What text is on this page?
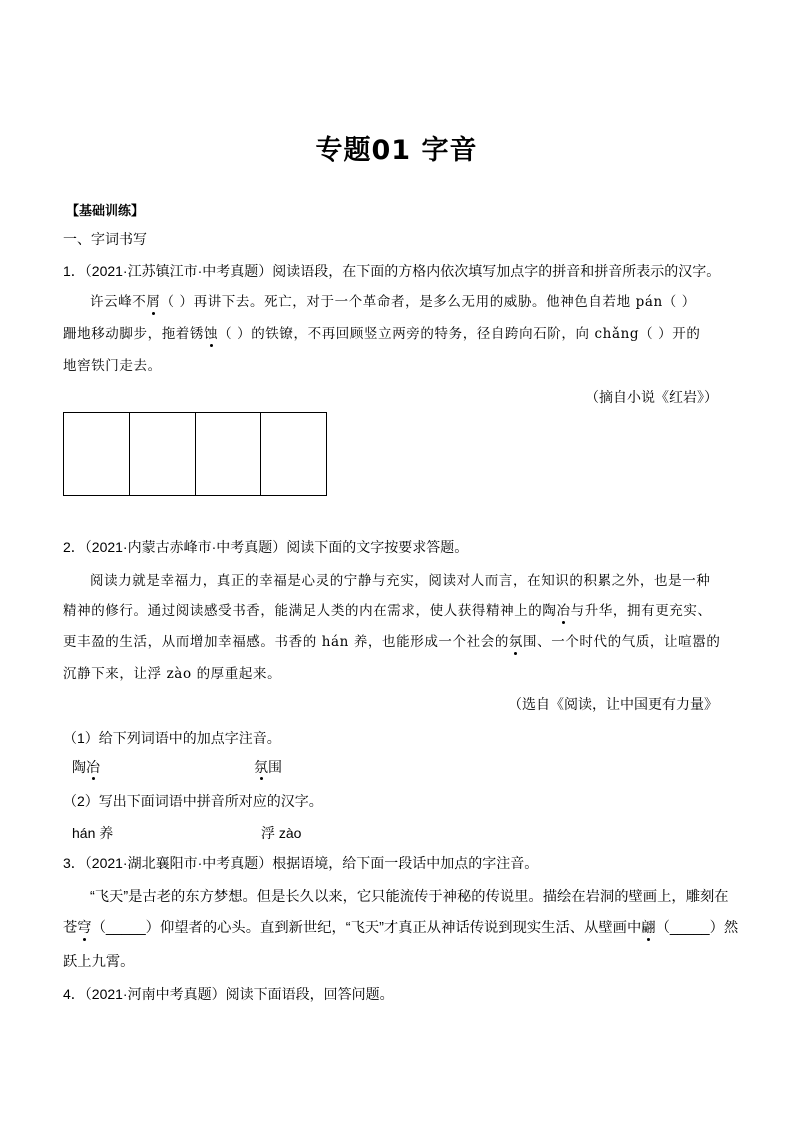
专题01 字音
【基础训练】
一、字词书写
1．（2021·江苏镇江市·中考真题）阅读语段，在下面的方格内依次填写加点字的拼音和拼音所表示的汉字。
许云峰不屑（ ）再讲下去。死亡，对于一个革命者，是多么无用的威胁。他神色自若地 pán（ ）
跚地移动脚步，拖着锈蚀（ ）的铁镣，不再回顾竖立两旁的特务，径自跨向石阶，向 chǎng（ ）开的
地窖铁门走去。
（摘自小说《红岩》）
2．（2021·内蒙古赤峰市·中考真题）阅读下面的文字按要求答题。
阅读力就是幸福力，真正的幸福是心灵的宁静与充实，阅读对人而言，在知识的积累之外，也是一种
精神的修行。通过阅读感受书香，能满足人类的内在需求，使人获得精神上的陶冶与升华，拥有更充实、
更丰盈的生活，从而增加幸福感。书香的 hán 养，也能形成一个社会的氛围、一个时代的气质，让喧嚣的
沉静下来，让浮 zào 的厚重起来。
（选自《阅读，让中国更有力量》
（1）给下列词语中的加点字注音。
陶冶	氛围
（2）写出下面词语中拼音所对应的汉字。
hán 养	浮 zào
3．（2021·湖北襄阳市·中考真题）根据语境，给下面一段话中加点的字注音。
“飞天”是古老的东方梦想。但是长久以来，它只能流传于神秘的传说里。描绘在岩洞的壁画上，雕刻在
苍穹（_____）仰望者的心头。直到新世纪，“飞天”才真正从神话传说到现实生活、从壁画中翩（_____）然
跃上九霄。
4．（2021·河南中考真题）阅读下面语段，回答问题。
